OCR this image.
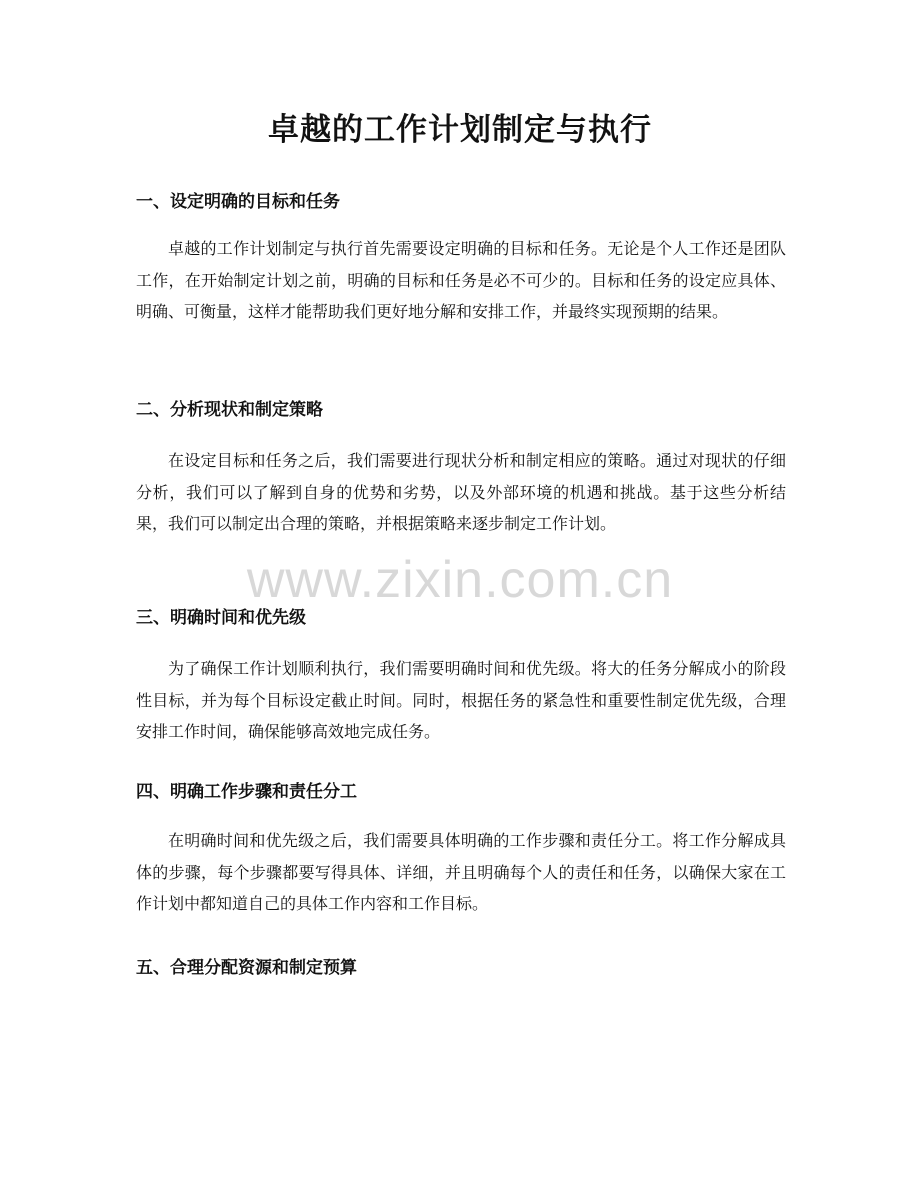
卓越的工作计划制定与执行
一、设定明确的目标和任务

卓越的工作计划制定与执行首先需要设定明确的目标和任务。无论是个人工作还是团队工作，在开始制定计划之前，明确的目标和任务是必不可少的。目标和任务的设定应具体、明确、可衡量，这样才能帮助我们更好地分解和安排工作，并最终实现预期的结果。

二、分析现状和制定策略

在设定目标和任务之后，我们需要进行现状分析和制定相应的策略。通过对现状的仔细分析，我们可以了解到自身的优势和劣势，以及外部环境的机遇和挑战。基于这些分析结果，我们可以制定出合理的策略，并根据策略来逐步制定工作计划。

三、明确时间和优先级

为了确保工作计划顺利执行，我们需要明确时间和优先级。将大的任务分解成小的阶段性目标，并为每个目标设定截止时间。同时，根据任务的紧急性和重要性制定优先级，合理安排工作时间，确保能够高效地完成任务。

四、明确工作步骤和责任分工

在明确时间和优先级之后，我们需要具体明确的工作步骤和责任分工。将工作分解成具体的步骤，每个步骤都要写得具体、详细，并且明确每个人的责任和任务，以确保大家在工作计划中都知道自己的具体工作内容和工作目标。

五、合理分配资源和制定预算
www.zixin.com.cn
